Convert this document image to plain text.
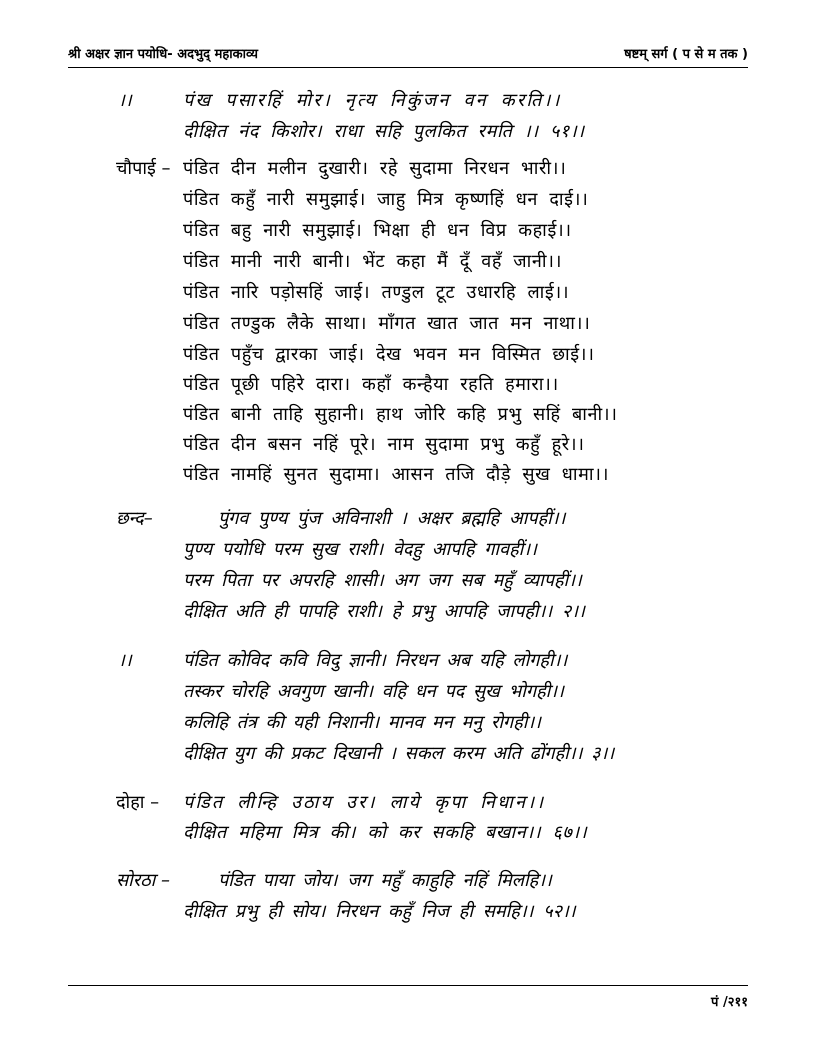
श्री अक्षर ज्ञान पयोधि- अदभुद् महाकाव्य	षष्टम् सर्ग ( प से म तक )
।।	पंख पसारहिं मोर। नृत्य निकुंजन वन करति।।
दीक्षित नंद किशोर। राधा सहि पुलकित रमति ।। ५१।।
चौपाई – पंडित दीन मलीन दुखारी। रहे सुदामा निरधन भारी।।
पंडित कहुँ नारी समुझाई। जाहु मित्र कृष्णहिं धन दाई।।
पंडित बहु नारी समुझाई। भिक्षा ही धन विप्र कहाई।।
पंडित मानी नारी बानी। भेंट कहा मैं दूँ वहँ जानी।।
पंडित नारि पड़ोसहिं जाई। तण्डुल टूट उधारहि लाई।।
पंडित तण्डुक लैके साथा। माँगत खात जात मन नाथा।।
पंडित पहुँच द्वारका जाई। देख भवन मन विस्मित छाई।।
पंडित पूछी पहिरे दारा। कहाँ कन्हैया रहति हमारा।।
पंडित बानी ताहि सुहानी। हाथ जोरि कहि प्रभु सहिं बानी।।
पंडित दीन बसन नहिं पूरे। नाम सुदामा प्रभु कहुँ हूरे।।
पंडित नामहिं सुनत सुदामा। आसन तजि दौड़े सुख धामा।।
छन्द–	पुंगव पुण्य पुंज अविनाशी । अक्षर ब्रह्महि आपहीं।।
पुण्य पयोधि परम सुख राशी। वेदहु आपहि गावहीं।।
परम पिता पर अपरहि शासी। अग जग सब महुँ व्यापहीं।।
दीक्षित अति ही पापहि राशी। हे प्रभु आपहि जापही।। २।।
।।	पंडित कोविद कवि विदु ज्ञानी। निरधन अब यहि लोगही।।
तस्कर चोरहि अवगुण खानी। वहि धन पद सुख भोगही।।
कलिहि तंत्र की यही निशानी। मानव मन मनु रोगही।।
दीक्षित युग की प्रकट दिखानी । सकल करम अति ढोंगही।। ३।।
दोहा – पंडित लीन्हि उठाय उर। लाये कृपा निधान।।
दीक्षित महिमा मित्र की। को कर सकहि बखान।। ६७।।
सोरठा –	पंडित पाया जोय। जग महुँ काहुहि नहिं मिलहि।।
दीक्षित प्रभु ही सोय। निरधन कहुँ निज ही समहि।। ५२।।
पं /२११
